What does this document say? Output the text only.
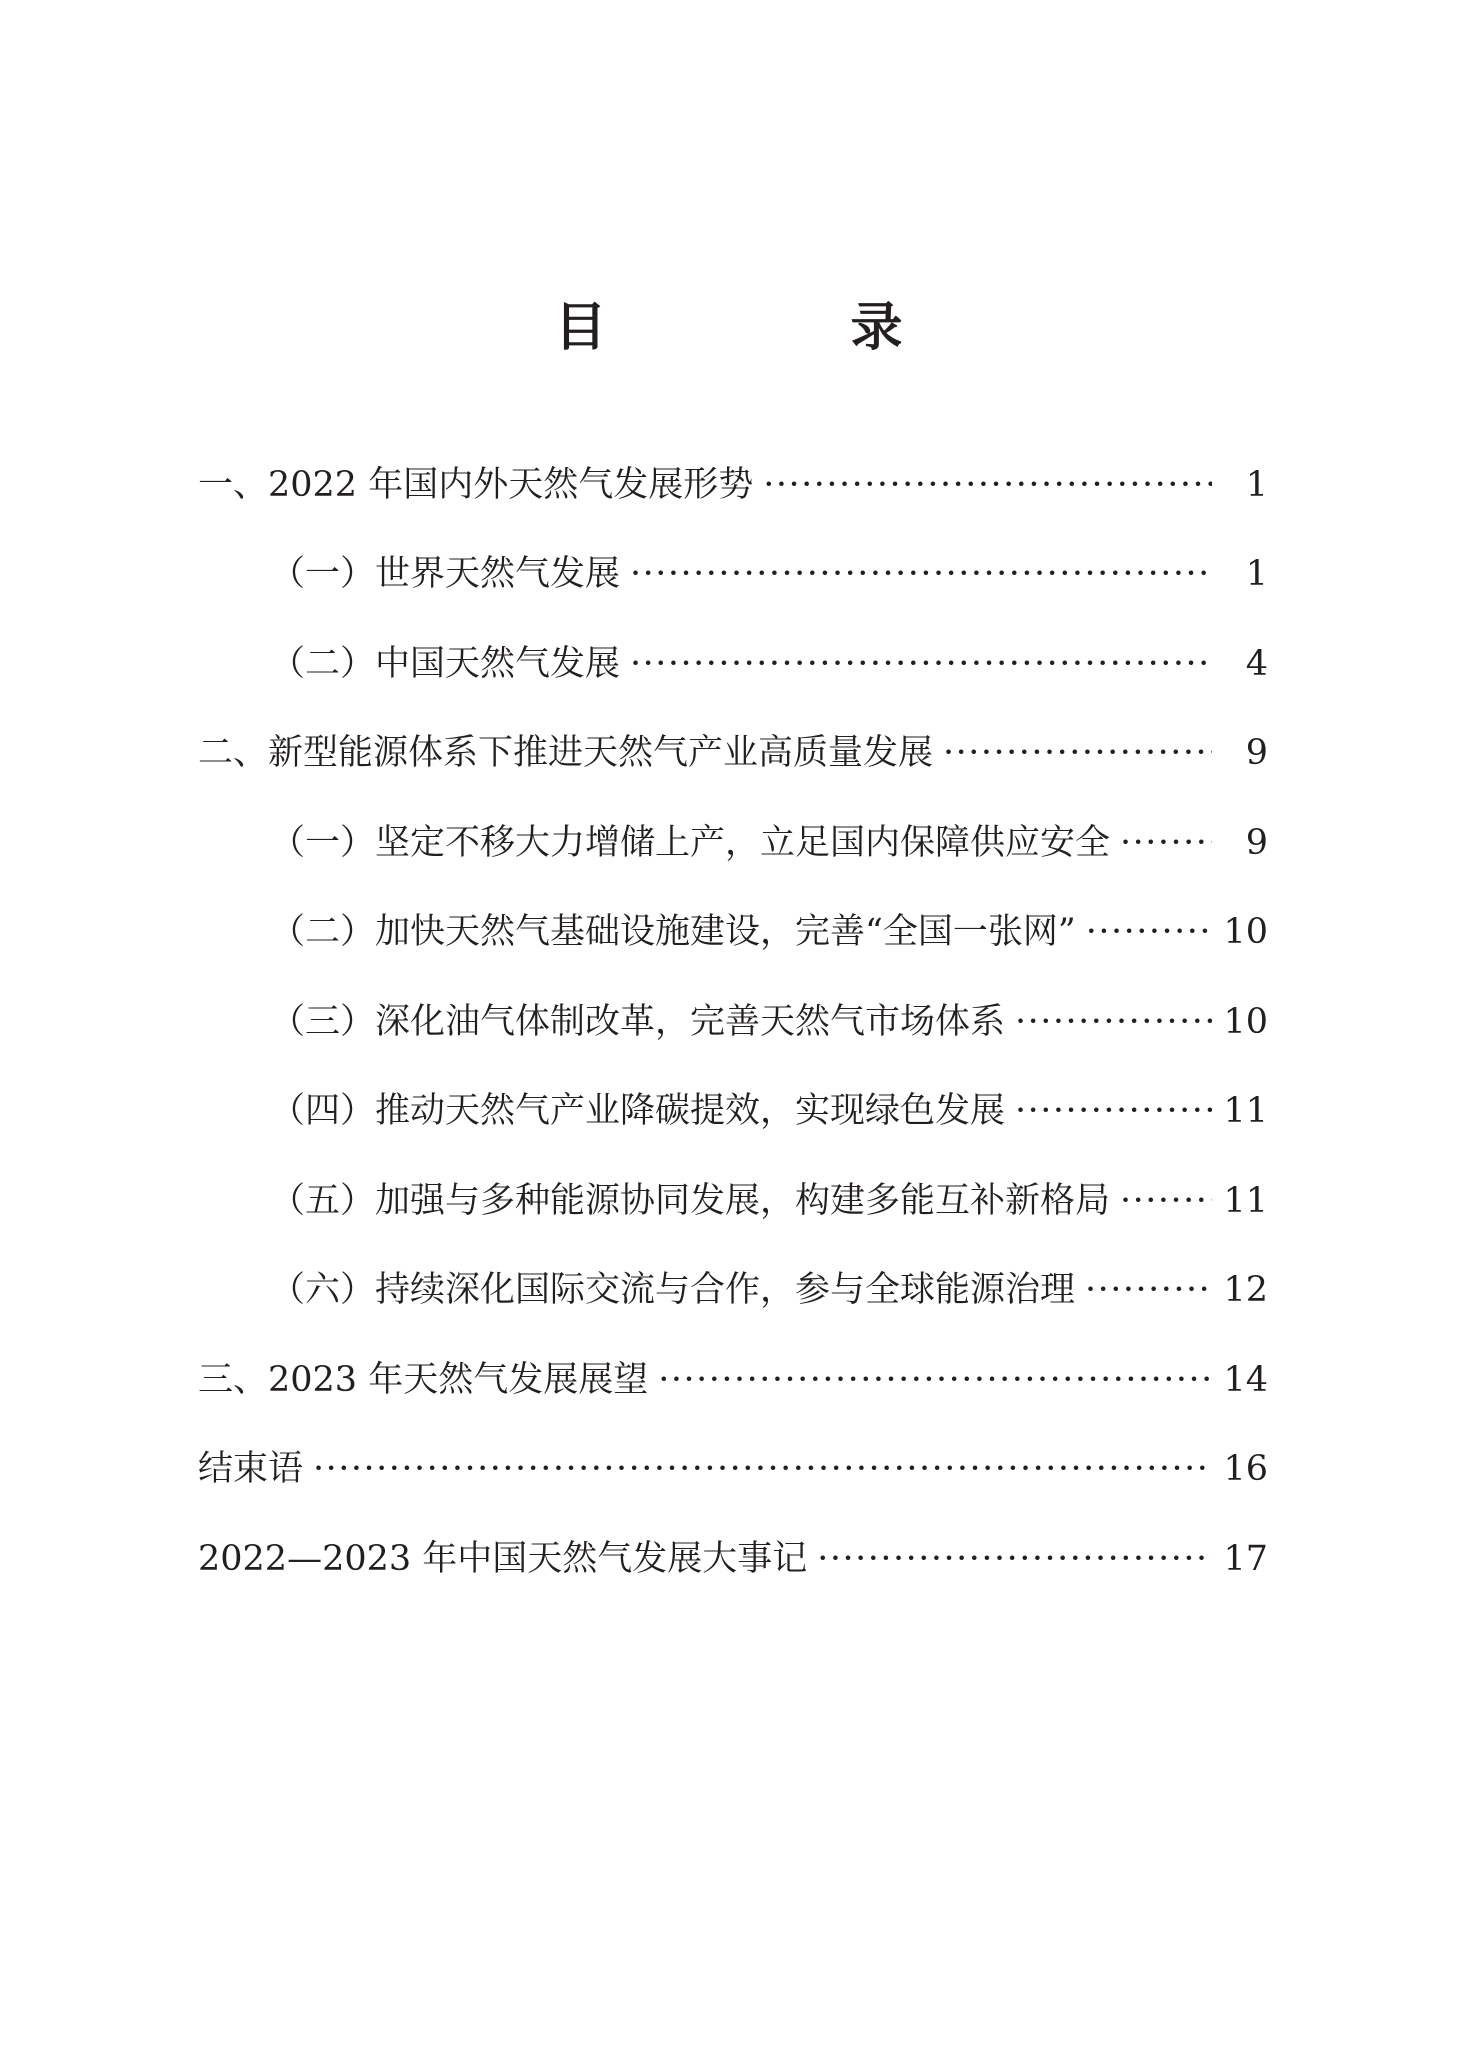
目　录
一、2022 年国内外天然气发展形势 ·····	1
（一）世界天然气发展 ·····	1
（二）中国天然气发展 ·····	4
二、新型能源体系下推进天然气产业高质量发展 ·····	9
（一）坚定不移大力增储上产，立足国内保障供应安全 ·····	9
（二）加快天然气基础设施建设，完善“全国一张网” ·····	10
（三）深化油气体制改革，完善天然气市场体系 ·····	10
（四）推动天然气产业降碳提效，实现绿色发展 ·····	11
（五）加强与多种能源协同发展，构建多能互补新格局 ·····	11
（六）持续深化国际交流与合作，参与全球能源治理 ·····	12
三、2023 年天然气发展展望 ·····	14
结束语 ·····	16
2022—2023 年中国天然气发展大事记 ·····	17
